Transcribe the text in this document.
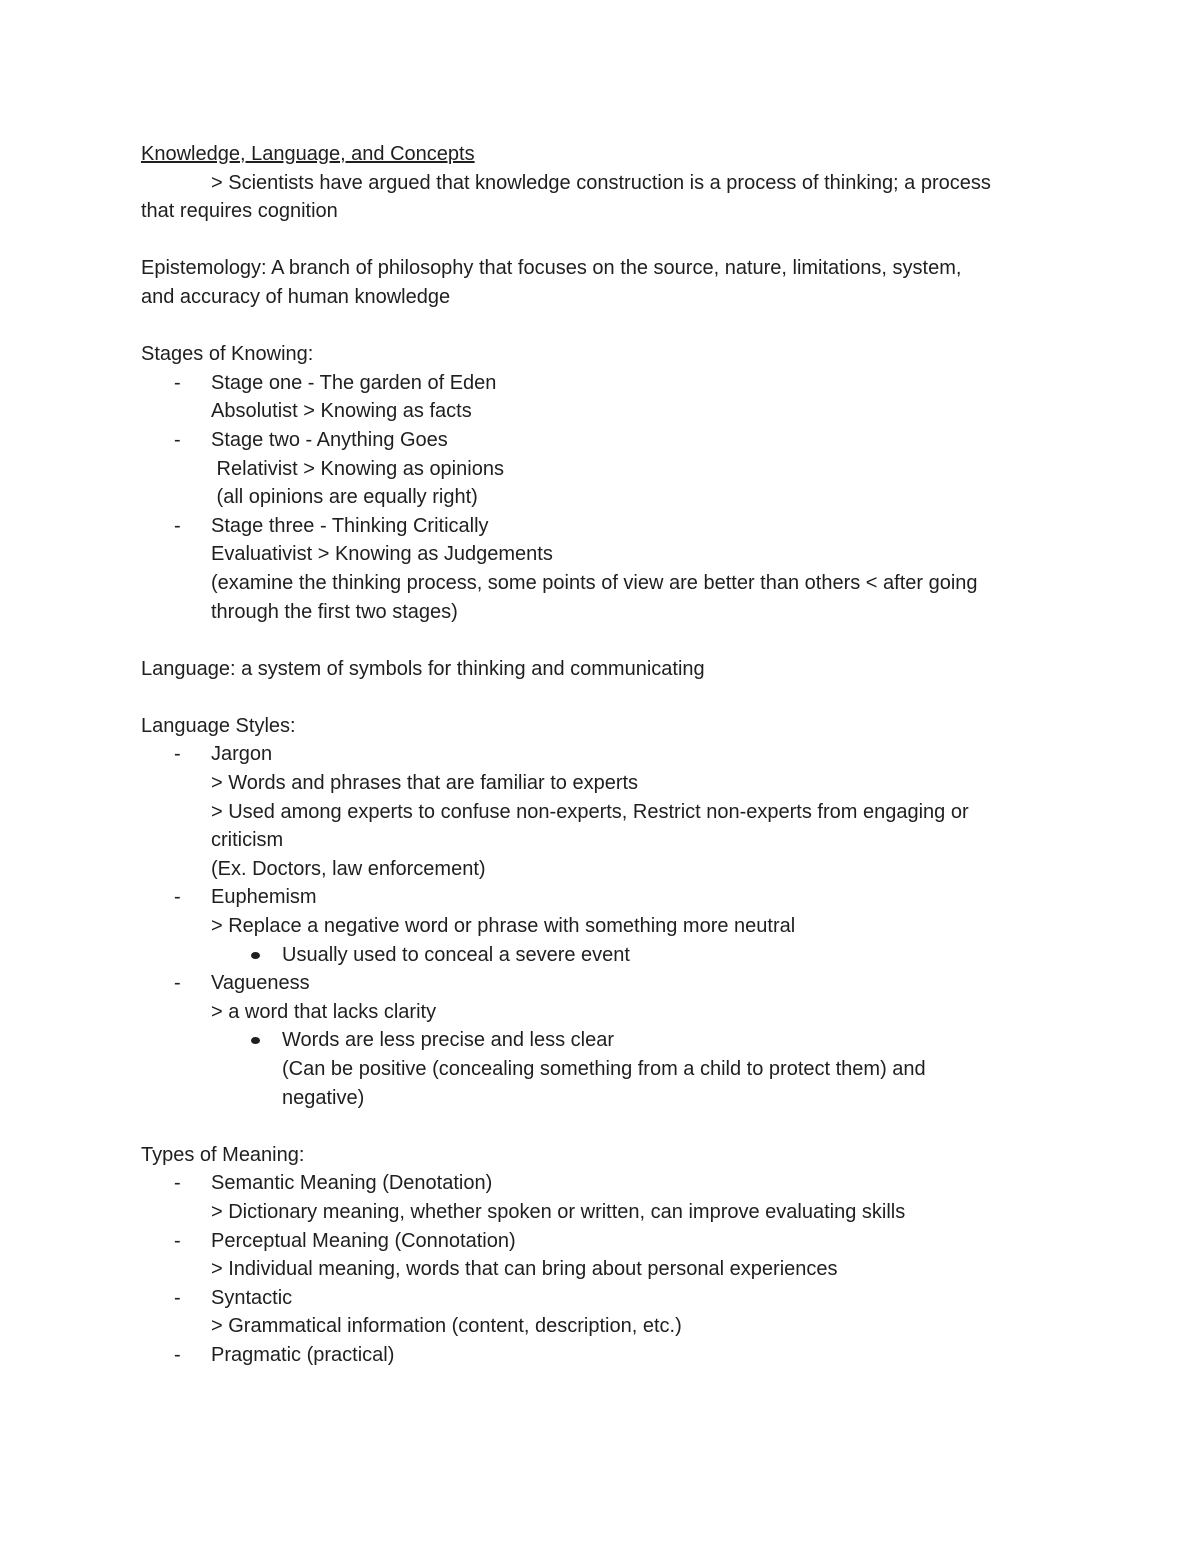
Knowledge, Language, and Concepts
> Scientists have argued that knowledge construction is a process of thinking; a process
that requires cognition
Epistemology: A branch of philosophy that focuses on the source, nature, limitations, system,
and accuracy of human knowledge
Stages of Knowing:
- Stage one - The garden of Eden
Absolutist > Knowing as facts
- Stage two - Anything Goes
Relativist > Knowing as opinions
(all opinions are equally right)
- Stage three - Thinking Critically
Evaluativist > Knowing as Judgements
(examine the thinking process, some points of view are better than others < after going
through the first two stages)
Language: a system of symbols for thinking and communicating
Language Styles:
- Jargon
> Words and phrases that are familiar to experts
> Used among experts to confuse non-experts, Restrict non-experts from engaging or
criticism
(Ex. Doctors, law enforcement)
- Euphemism
> Replace a negative word or phrase with something more neutral
Usually used to conceal a severe event
- Vagueness
> a word that lacks clarity
Words are less precise and less clear
(Can be positive (concealing something from a child to protect them) and
negative)
Types of Meaning:
- Semantic Meaning (Denotation)
> Dictionary meaning, whether spoken or written, can improve evaluating skills
- Perceptual Meaning (Connotation)
> Individual meaning, words that can bring about personal experiences
- Syntactic
> Grammatical information (content, description, etc.)
- Pragmatic (practical)
